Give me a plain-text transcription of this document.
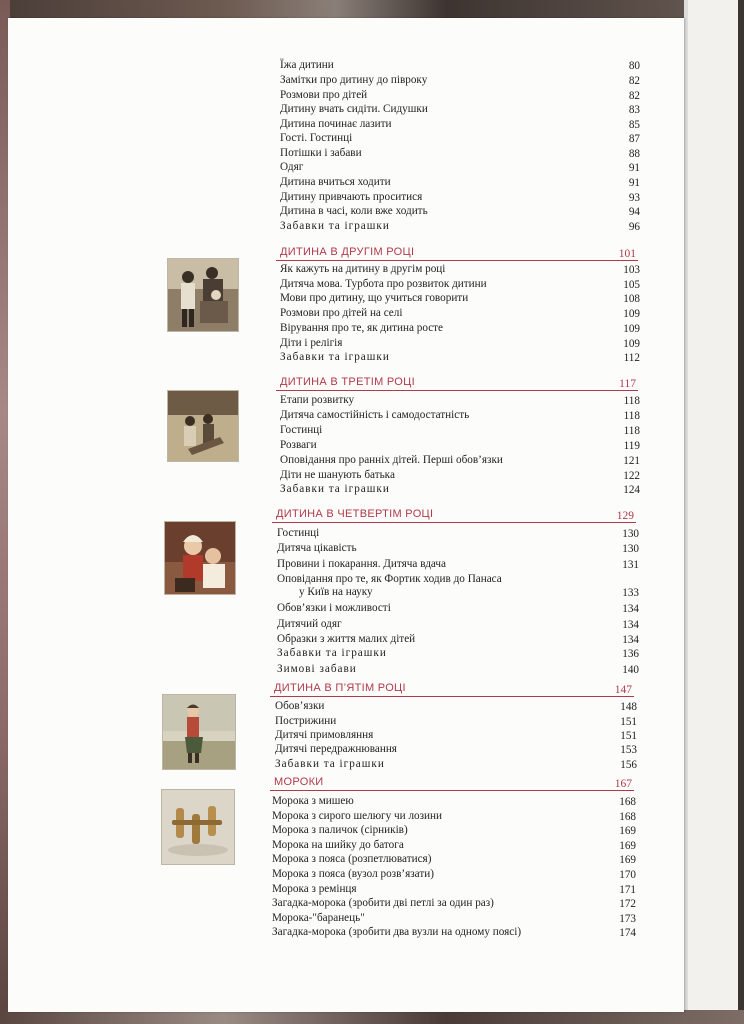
Їжа дитини	80
Замітки про дитину до півроку	82
Розмови про дітей	82
Дитину вчать сидіти. Сидушки	83
Дитина починає лазити	85
Гості. Гостинці	87
Потішки і забави	88
Одяг	91
Дитина вчиться ходити	91
Дитину привчають проситися	93
Дитина в часі, коли вже ходить	94
Забавки та іграшки	96
ДИТИНА В ДРУГІМ РОЦІ	101
Як кажуть на дитину в другім році	103
Дитяча мова. Турбота про розвиток дитини	105
Мови про дитину, що учиться говорити	108
Розмови про дітей на селі	109
Вірування про те, як дитина росте	109
Діти і релігія	109
Забавки та іграшки	112
ДИТИНА В ТРЕТІМ РОЦІ	117
Етапи розвитку	118
Дитяча самостійність і самодостатність	118
Гостинці	118
Розваги	119
Оповідання про ранніх дітей. Перші обов’язки	121
Діти не шанують батька	122
Забавки та іграшки	124
ДИТИНА В ЧЕТВЕРТІМ РОЦІ	129
Гостинці	130
Дитяча цікавість	130
Провини і покарання. Дитяча вдача	131
Оповідання про те, як Фортик ходив до Панаса
у Київ на науку	133
Обов’язки і можливості	134
Дитячий одяг	134
Образки з життя малих дітей	134
Забавки та іграшки	136
Зимові забави	140
ДИТИНА В П’ЯТІМ РОЦІ	147
Обов’язки	148
Пострижини	151
Дитячі примовляння	151
Дитячі передражнювання	153
Забавки та іграшки	156
МОРОКИ	167
Морока з мишею	168
Морока з сирого шелюгу чи лозини	168
Морока з паличок (сірників)	169
Морока на шийку до батога	169
Морока з пояса (розпетлюватися)	169
Морока з пояса (вузол розв’язати)	170
Морока з ремінця	171
Загадка-морока (зробити дві петлі за один раз)	172
Морока-"баранець"	173
Загадка-морока (зробити два вузли на одному поясі)	174
